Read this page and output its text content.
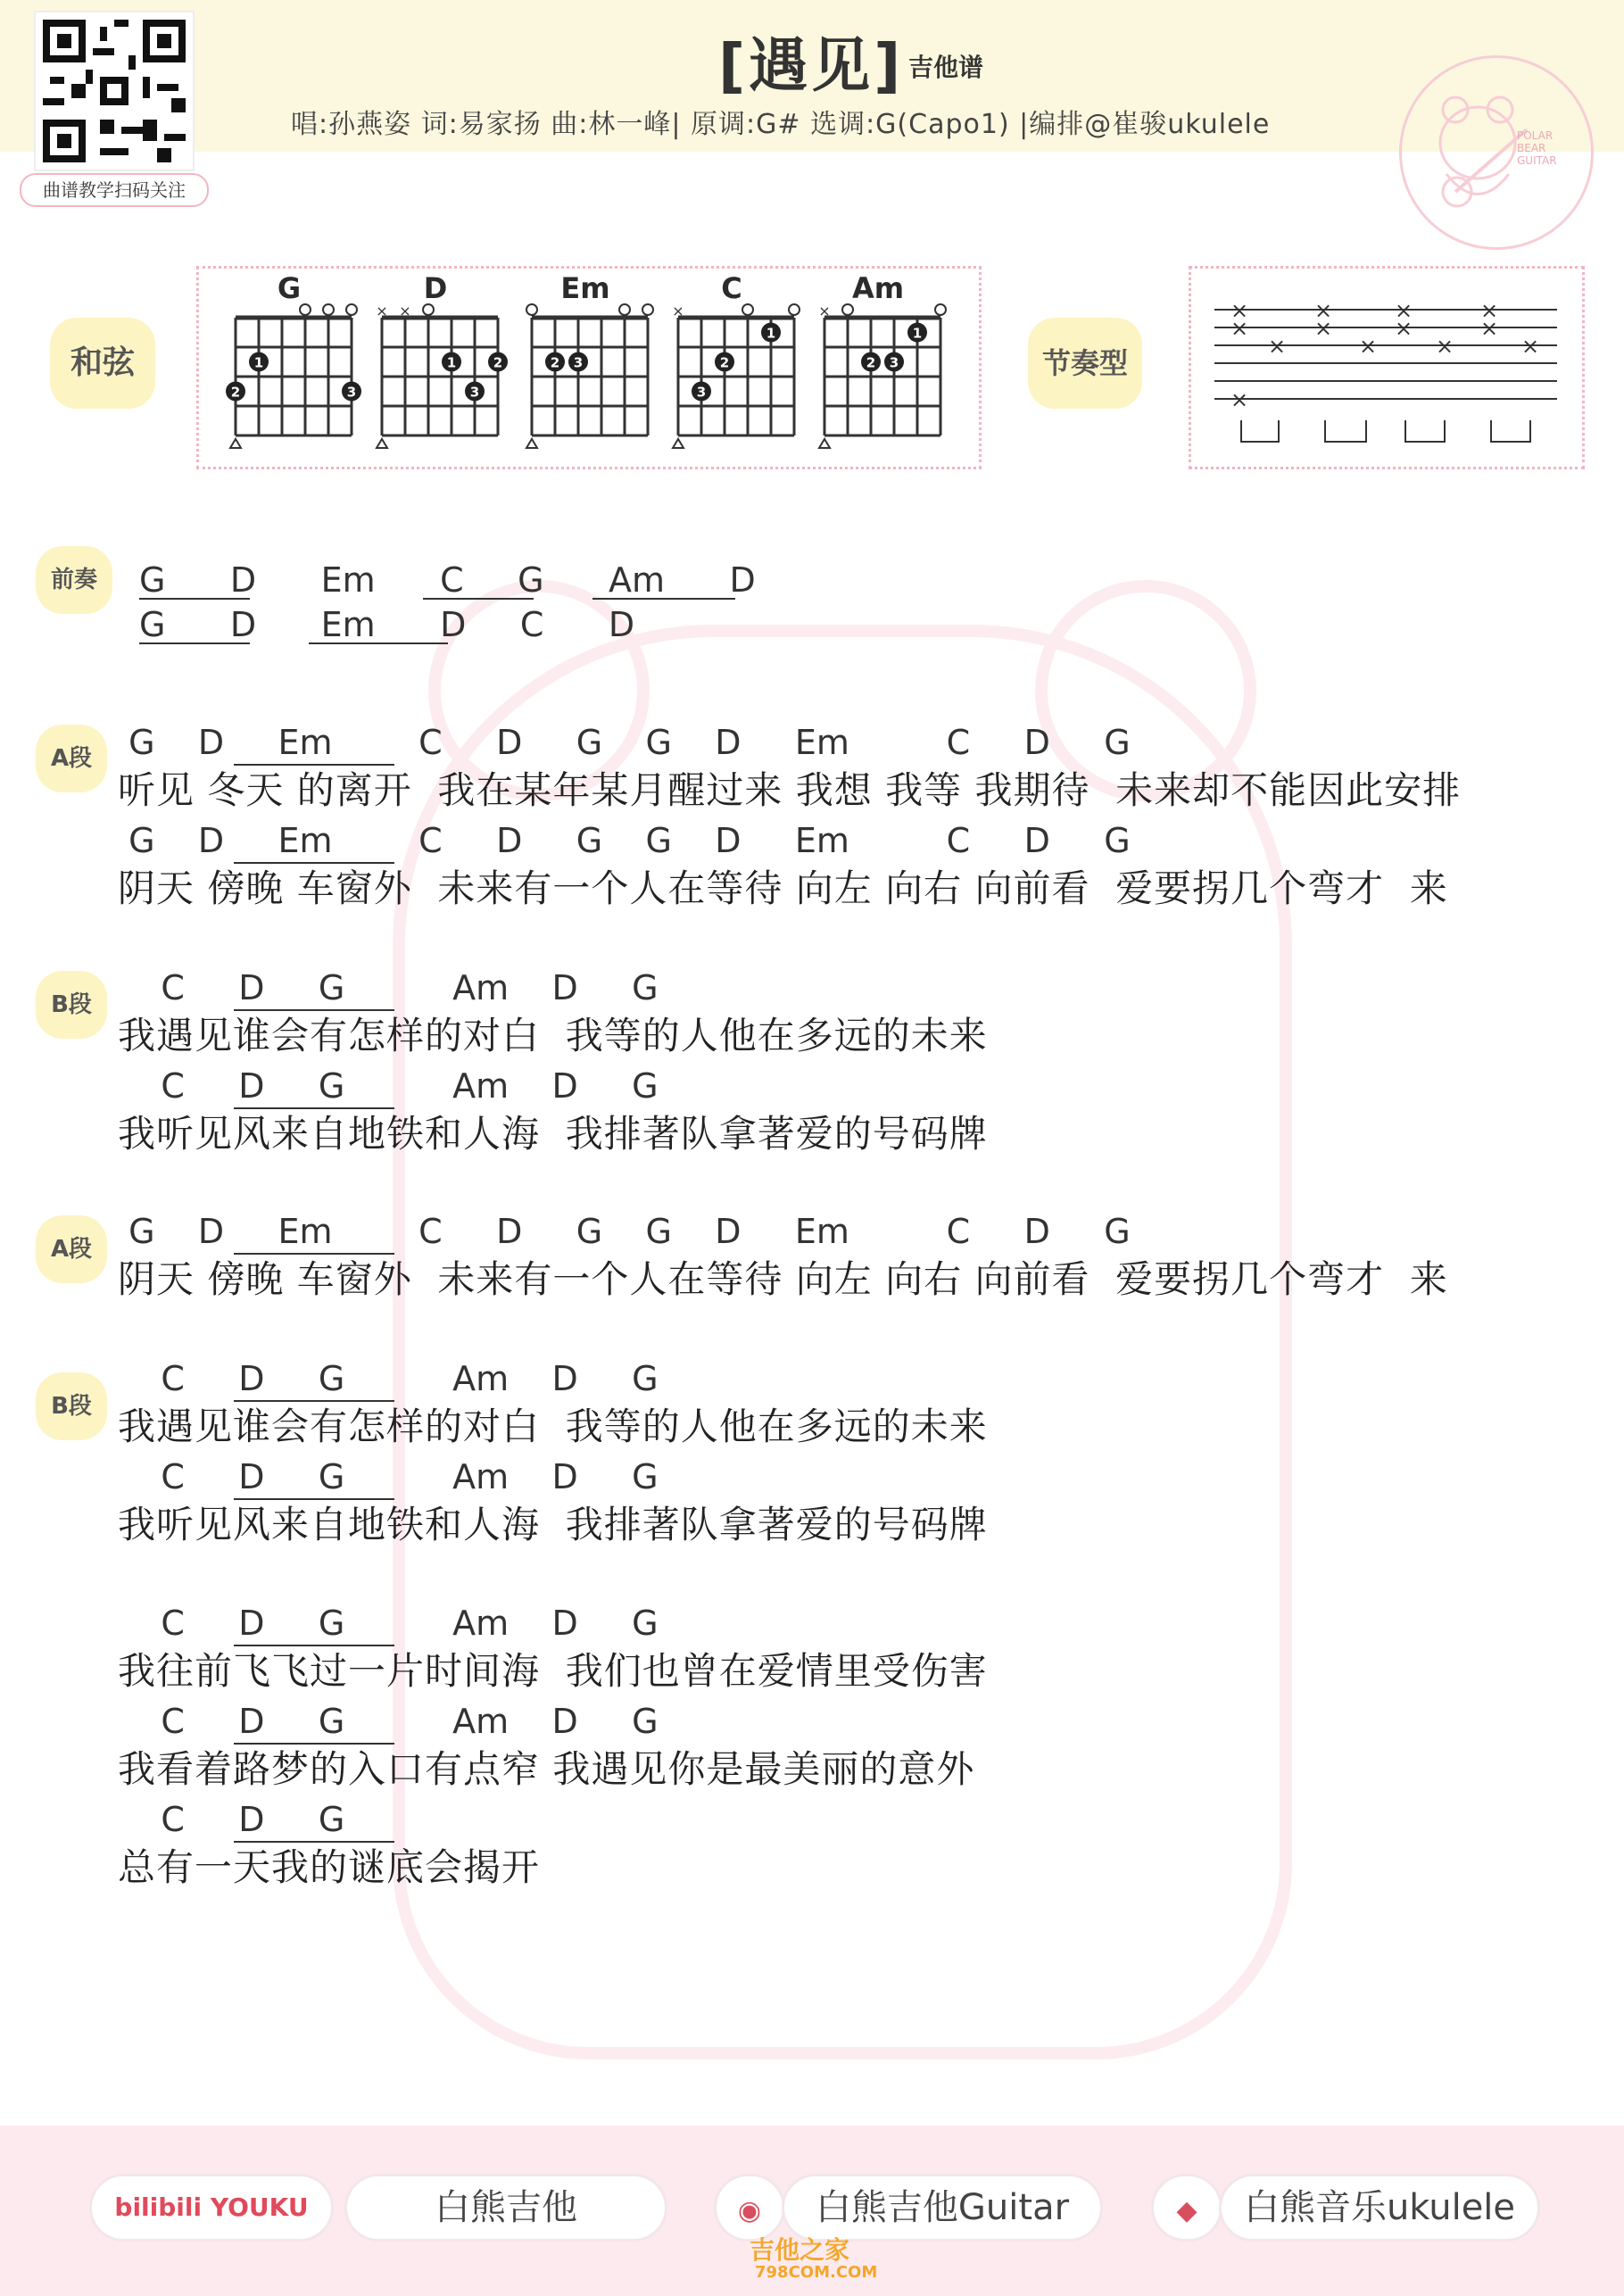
曲谱教学扫码关注
[遇见] 吉他谱
唱:孙燕姿 词:易家扬 曲:林一峰| 原调:G# 选调:G(Capo1) |编排@崔骏ukulele	POLAR
BEAR
GUITAR
和弦
G
1
2	3
D
× ×
1	2
3
Em
2 3
C
×
1
2
3
Am
×
1
2 3	节奏型
×
×
×
×
×
×
×
×
×
×
×
×
×
前奏	G      D      Em      C     G      Am      D
G      D      Em      D     C      D
A段 G    D     Em        C     D     G    G    D     Em         C     D     G
听见 冬天 的离开  我在某年某月醒过来 我想 我等 我期待  未来却不能因此安排
G    D     Em        C     D     G    G    D     Em         C     D     G
阴天 傍晚 车窗外  未来有一个人在等待 向左 向右 向前看  爱要拐几个弯才  来
B段 C     D     G          Am    D     G
我遇见谁会有怎样的对白  我等的人他在多远的未来
C     D     G          Am    D     G
我听见风来自地铁和人海  我排著队拿著爱的号码牌
A段 G    D     Em        C     D     G    G    D     Em         C     D     G
阴天 傍晚 车窗外  未来有一个人在等待 向左 向右 向前看  爱要拐几个弯才  来
B段
C     D     G          Am    D     G
我遇见谁会有怎样的对白  我等的人他在多远的未来
C     D     G          Am    D     G
我听见风来自地铁和人海  我排著队拿著爱的号码牌
C     D     G          Am    D     G
我往前飞飞过一片时间海  我们也曾在爱情里受伤害
C     D     G          Am    D     G
我看着路梦的入口有点窄 我遇见你是最美丽的意外
C     D     G
总有一天我的谜底会揭开
bilibili YOUKU	白熊吉他	◉	白熊吉他Guitar	◆	白熊音乐ukulele
吉他之家
798COM.COM
